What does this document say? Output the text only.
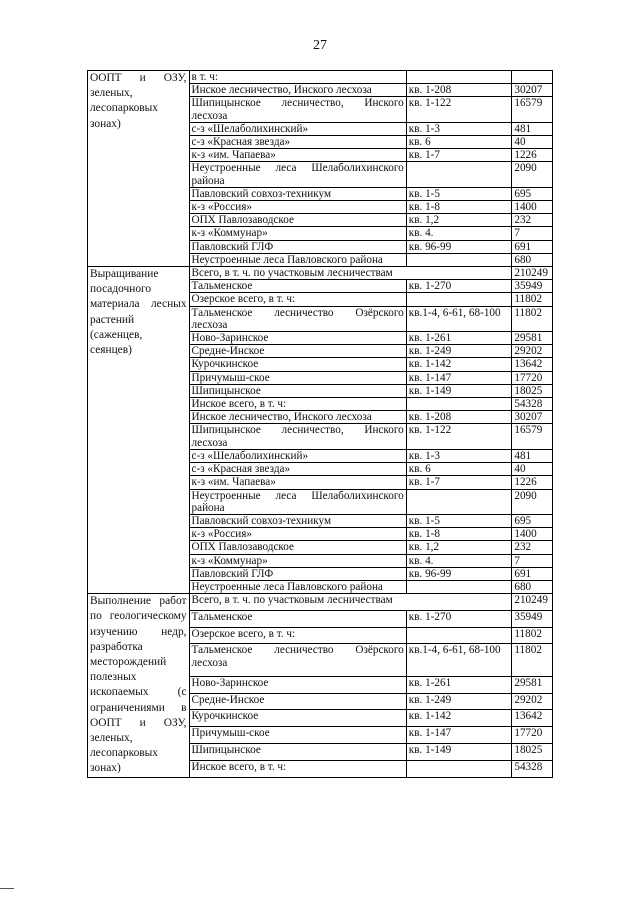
27
ООПТ и ОЗУ, зеленых, лесопарковых зонах)	в т. ч:		
	Инское лесничество, Инского лесхоза	кв. 1-208	30207
	Шипицынское лесничество, Инского лесхоза	кв. 1-122	16579
	с-з «Шелаболихинский»	кв. 1-3	481
	с-з «Красная звезда»	кв. 6	40
	к-з «им. Чапаева»	кв. 1-7	1226
	Неустроенные леса Шелаболихинского района		2090
	Павловский совхоз-техникум	кв. 1-5	695
	к-з «Россия»	кв. 1-8	1400
	ОПХ Павлозаводское	кв. 1,2	232
	к-з «Коммунар»	кв. 4.	7
	Павловский ГЛФ	кв. 96-99	691
	Неустроенные леса Павловского района		680
Выращивание посадочного материала лесных растений (саженцев, сеянцев)	Всего, в т. ч. по участковым лесничествам		210249
	Тальменское	кв. 1-270	35949
	Озерское всего, в т. ч:		11802
	Тальменское лесничество Озёрского лесхоза	кв.1-4, 6-61, 68-100	11802
	Ново-Заринское	кв. 1-261	29581
	Средне-Инское	кв. 1-249	29202
	Курочкинское	кв. 1-142	13642
	Причумыш-ское	кв. 1-147	17720
	Шипицынское	кв. 1-149	18025
	Инское всего, в т. ч:		54328
	Инское лесничество, Инского лесхоза	кв. 1-208	30207
	Шипицынское лесничество, Инского лесхоза	кв. 1-122	16579
	с-з «Шелаболихинский»	кв. 1-3	481
	с-з «Красная звезда»	кв. 6	40
	к-з «им. Чапаева»	кв. 1-7	1226
	Неустроенные леса Шелаболихинского района		2090
	Павловский совхоз-техникум	кв. 1-5	695
	к-з «Россия»	кв. 1-8	1400
	ОПХ Павлозаводское	кв. 1,2	232
	к-з «Коммунар»	кв. 4.	7
	Павловский ГЛФ	кв. 96-99	691
	Неустроенные леса Павловского района		680
Выполнение работ по геологическому изучению недр, разработка месторождений полезных ископаемых (с ограничениями в ООПТ и ОЗУ, зеленых, лесопарковых зонах)	Всего, в т. ч. по участковым лесничествам		210249
	Тальменское	кв. 1-270	35949
	Озерское всего, в т. ч:		11802
	Тальменское лесничество Озёрского лесхоза	кв.1-4, 6-61, 68-100	11802
	Ново-Заринское	кв. 1-261	29581
	Средне-Инское	кв. 1-249	29202
	Курочкинское	кв. 1-142	13642
	Причумыш-ское	кв. 1-147	17720
	Шипицынское	кв. 1-149	18025
	Инское всего, в т. ч:		54328
